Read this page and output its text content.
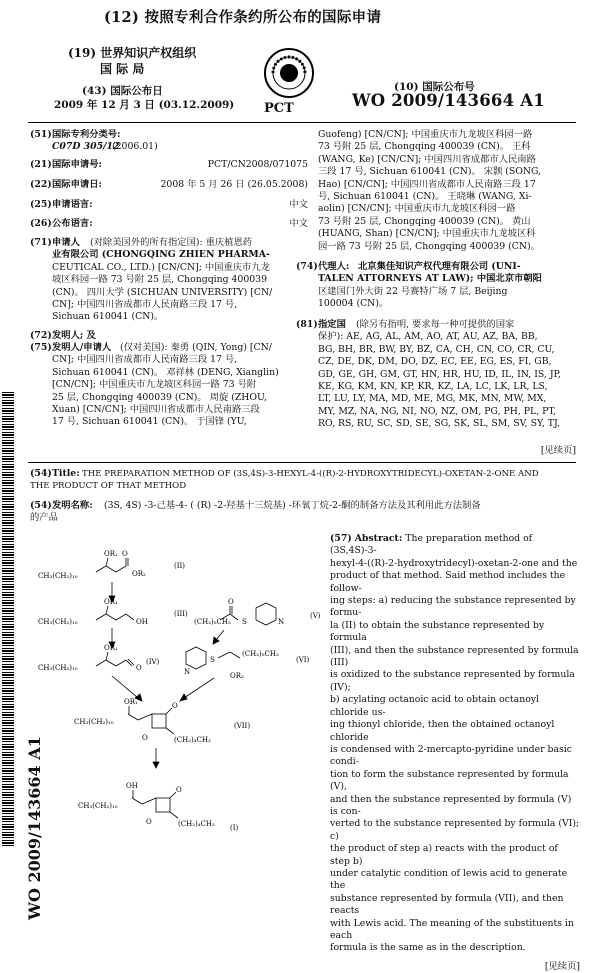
(12) 按照专利合作条约所公布的国际申请
(19) 世界知识产权组织
国 际 局
(43) 国际公布日
2009 年 12 月 3 日 (03.12.2009) PCT
(10) 国际公布号
WO 2009/143664 A1
(51) 国际专利分类号:
C07D 305/12
(2006.01)
(21) 国际申请号:	PCT/CN2008/071075
(22) 国际申请日:	2008 年 5 月 26 日 (26.05.2008)
(25) 申请语言:	中文
(26) 公布语言:	中文
(71) 申请人 (对除美国外的所有指定国): 重庆植恩药
业有限公司 (CHONGQING ZHIEN PHARMA-
CEUTICAL CO., LTD.) [CN/CN]; 中国重庆市九龙
坡区科园一路 73 号附 25 层, Chongqing 400039
(CN)。 四川大学 (SICHUAN UNIVERSITY) [CN/
CN]; 中国四川省成都市人民南路三段 17 号,
Sichuan 610041 (CN)。
(72) 发明人; 及
(75) 发明人/申请人 (仅对美国): 秦勇 (QIN, Yong) [CN/
CN]; 中国四川省成都市人民南路三段 17 号,
Sichuan 610041 (CN)。 邓祥林 (DENG, Xianglin)
[CN/CN]; 中国重庆市九龙坡区科园一路 73 号附
25 层, Chongqing 400039 (CN)。 周旋 (ZHOU,
Xuan) [CN/CN]; 中国四川省成都市人民南路三段
17 号, Sichuan 610041 (CN)。 于国锋 (YU,
Guofeng) [CN/CN]; 中国重庆市九龙坡区科园一路
73 号附 25 层, Chongqing 400039 (CN)。 王科
(WANG, Ke) [CN/CN]; 中国四川省成都市人民南路
三段 17 号, Sichuan 610041 (CN)。 宋颢 (SONG,
Hao) [CN/CN]; 中国四川省成都市人民南路三段 17
号, Sichuan 610041 (CN)。 王晓琳 (WANG, Xi-
aolin) [CN/CN]; 中国重庆市九龙坡区科园一路
73 号附 25 层, Chongqing 400039 (CN)。 黄山
(HUANG, Shan) [CN/CN]; 中国重庆市九龙坡区科
园一路 73 号附 25 层, Chongqing 400039 (CN)。
(74) 代理人: 北京集佳知识产权代理有限公司 (UNI-
TALEN ATTORNEYS AT LAW); 中国北京市朝阳
区建国门外大街 22 号赛特广场 7 层, Beijing
100004 (CN)。
(81) 指定国 (除另有指明, 要求每一种可提供的国家
保护): AE, AG, AL, AM, AO, AT, AU, AZ, BA, BB,
BG, BH, BR, BW, BY, BZ, CA, CH, CN, CO, CR, CU,
CZ, DE, DK, DM, DO, DZ, EC, EE, EG, ES, FI, GB,
GD, GE, GH, GM, GT, HN, HR, HU, ID, IL, IN, IS, JP,
KE, KG, KM, KN, KP, KR, KZ, LA, LC, LK, LR, LS,
LT, LU, LY, MA, MD, ME, MG, MK, MN, MW, MX,
MY, MZ, NA, NG, NI, NO, NZ, OM, PG, PH, PL, PT,
RO, RS, RU, SC, SD, SE, SG, SK, SL, SM, SV, SY, TJ,
[见续页]
(54) Title: THE PREPARATION METHOD OF (3S,4S)-3-HEXYL-4-((R)-2-HYDROXYTRIDECYL)-OXETAN-2-ONE AND
THE PRODUCT OF THAT METHOD
(54) 发明名称: (3S, 4S) -3-己基-4- ( (R) -2-羟基十三烷基) -环氧丁烷-2-酮的制备方法及其利用此方法制备
的产品
(57) Abstract: The preparation method of (3S,4S)-3-
hexyl-4-((R)-2-hydroxytridecyl)-oxetan-2-one and the
product of that method. Said method includes the follow-
ing steps: a) reducing the substance represented by formu-
la (II) to obtain the substance represented by formula
(III), and then the substance represented by formula (III)
is oxidized to the substance represented by formula (IV);
b) acylating octanoic acid to obtain octanoyl chloride us-
ing thionyl chloride, then the obtained octanoyl chloride
is condensed with 2-mercapto-pyridine under basic condi-
tion to form the substance represented by formula (V),
and then the substance represented by formula (V) is con-
verted to the substance represented by formula (VI); c)
the product of step a) reacts with the product of step b)
under catalytic condition of lewis acid to generate the
substance represented by formula (VII), and then reacts
with Lewis acid. The meaning of the substituents in each
formula is the same as in the description.
[见续页]
CH₃(CH₂)₁₀
OR₁
OR₂
O
(II)
CH₃(CH₂)₁₀
OR₁
OH
(III)
CH₃(CH₂)₁₀
OR₁
O
(IV)
(CH₂)₅CH₃
O
S	N
(V)
S
N
(CH₂)₅CH₃
OR₂
(VI)
CH₃(CH₂)₁₀
OR₁	O
O	(CH₂)₄CH₃
(VII)
CH₃(CH₂)₁₀
OH	O
O	(CH₂)₄CH₃ (I)
WO 2009/143664 A1
